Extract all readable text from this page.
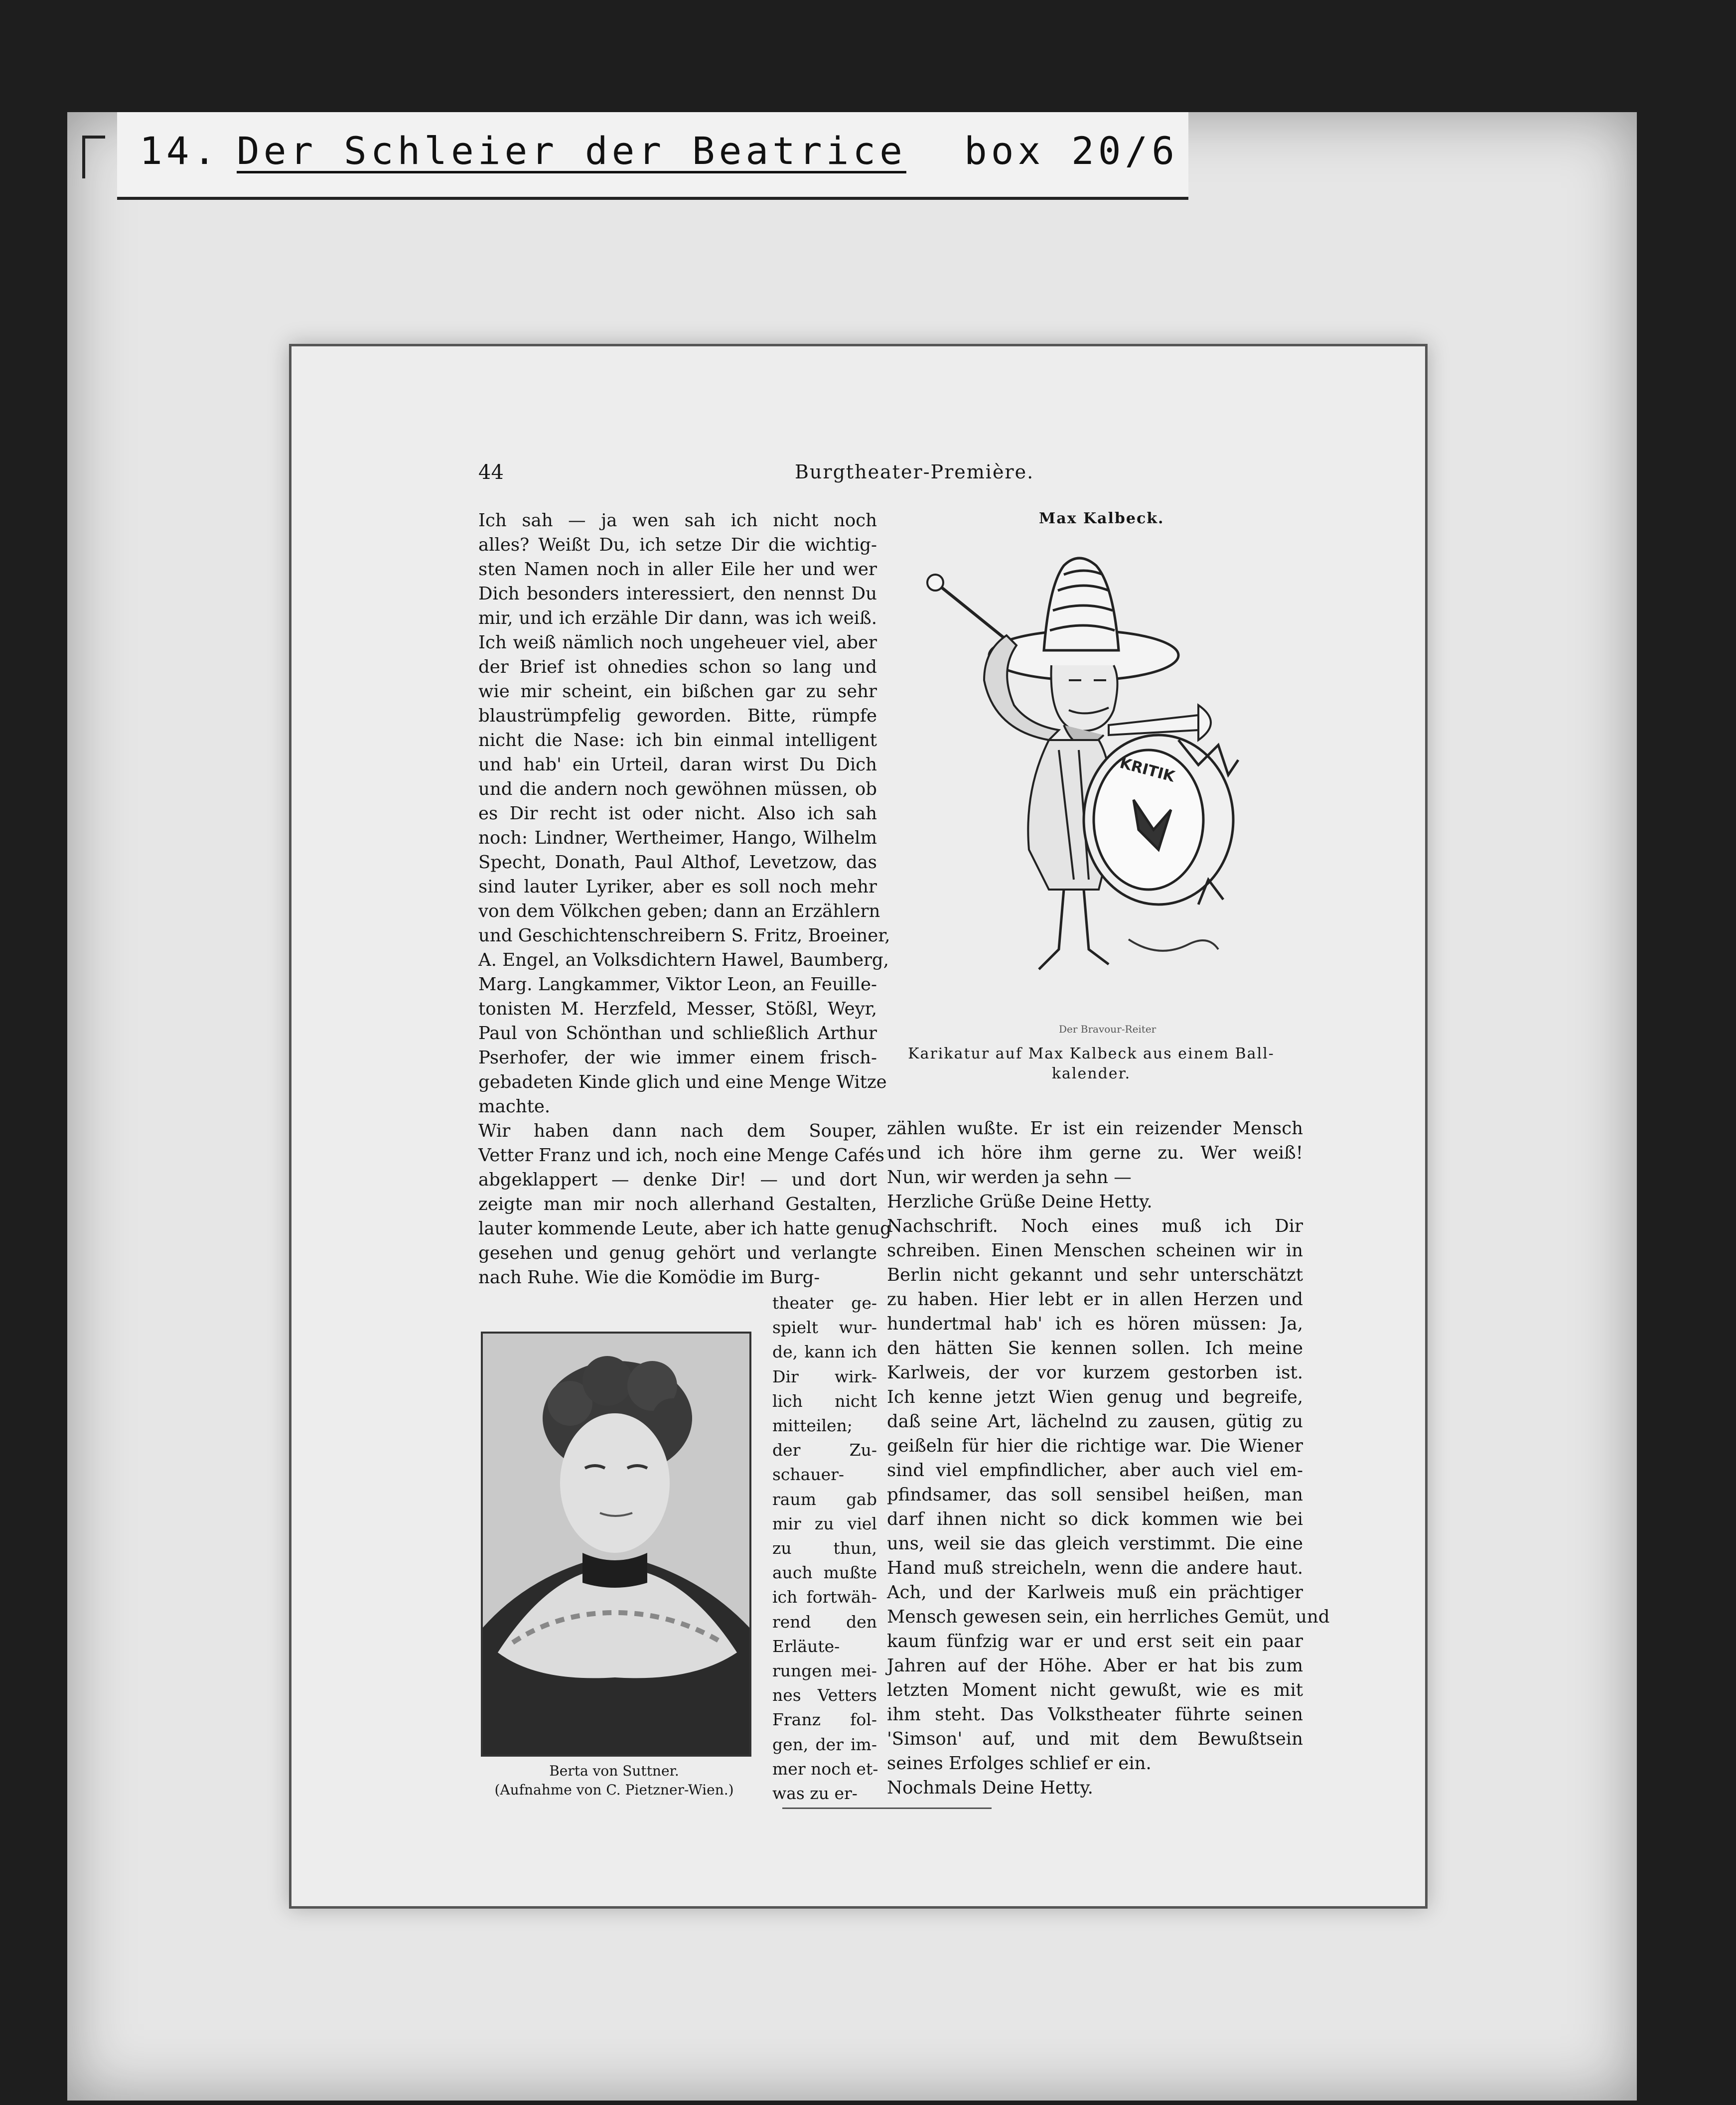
14. Der Schleier der Beatrice box 20/6
44	Burgtheater-Première.

Ich sah — ja wen sah ich nicht noch
alles? Weißt Du, ich setze Dir die wichtig-
sten Namen noch in aller Eile her und wer
Dich besonders interessiert, den nennst Du
mir, und ich erzähle Dir dann, was ich weiß.
Ich weiß nämlich noch ungeheuer viel, aber
der Brief ist ohnedies schon so lang und
wie mir scheint, ein bißchen gar zu sehr
blaustrümpfelig geworden. Bitte, rümpfe
nicht die Nase: ich bin einmal intelligent
und hab' ein Urteil, daran wirst Du Dich
und die andern noch gewöhnen müssen, ob
es Dir recht ist oder nicht. Also ich sah
noch: Lindner, Wertheimer, Hango, Wilhelm
Specht, Donath, Paul Althof, Levetzow, das
sind lauter Lyriker, aber es soll noch mehr
von dem Völkchen geben; dann an Erzählern
und Geschichtenschreibern S. Fritz, Broeiner,
A. Engel, an Volksdichtern Hawel, Baumberg,
Marg. Langkammer, Viktor Leon, an Feuille-
tonisten M. Herzfeld, Messer, Stößl, Weyr,
Paul von Schönthan und schließlich Arthur
Pserhofer, der wie immer einem frisch-
gebadeten Kinde glich und eine Menge Witze
machte.
Wir haben dann nach dem Souper,
Vetter Franz und ich, noch eine Menge Cafés
abgeklappert — denke Dir! — und dort
zeigte man mir noch allerhand Gestalten,
lauter kommende Leute, aber ich hatte genug
gesehen und genug gehört und verlangte
nach Ruhe. Wie die Komödie im Burg-

theater ge-
spielt wur-
de, kann ich
Dir wirk-
lich nicht
mitteilen;
der Zu-
schauer-
raum gab
mir zu viel
zu thun,
auch mußte
ich fortwäh-
rend den
Erläute-
rungen mei-
nes Vetters
Franz fol-
gen, der im-
mer noch et-
was zu er-

zählen wußte. Er ist ein reizender Mensch
und ich höre ihm gerne zu. Wer weiß!
Nun, wir werden ja sehn —
Herzliche Grüße Deine Hetty.
Nachschrift. Noch eines muß ich Dir
schreiben. Einen Menschen scheinen wir in
Berlin nicht gekannt und sehr unterschätzt
zu haben. Hier lebt er in allen Herzen und
hundertmal hab' ich es hören müssen: Ja,
den hätten Sie kennen sollen. Ich meine
Karlweis, der vor kurzem gestorben ist.
Ich kenne jetzt Wien genug und begreife,
daß seine Art, lächelnd zu zausen, gütig zu
geißeln für hier die richtige war. Die Wiener
sind viel empfindlicher, aber auch viel em-
pfindsamer, das soll sensibel heißen, man
darf ihnen nicht so dick kommen wie bei
uns, weil sie das gleich verstimmt. Die eine
Hand muß streicheln, wenn die andere haut.
Ach, und der Karlweis muß ein prächtiger
Mensch gewesen sein, ein herrliches Gemüt, und
kaum fünfzig war er und erst seit ein paar
Jahren auf der Höhe. Aber er hat bis zum
letzten Moment nicht gewußt, wie es mit
ihm steht. Das Volkstheater führte seinen
'Simson' auf, und mit dem Bewußtsein
seines Erfolges schlief er ein.
Nochmals Deine Hetty.

Max Kalbeck.
KRITIK
Der Bravour-Reiter
Karikatur auf Max Kalbeck aus einem Ball-
kalender.
Berta von Suttner.
(Aufnahme von C. Pietzner-Wien.)
